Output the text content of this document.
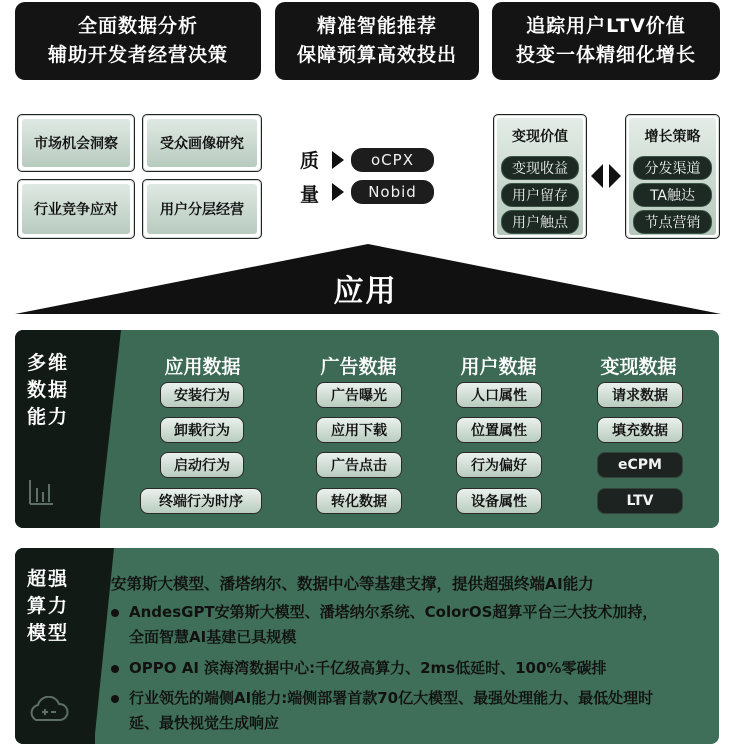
全面数据分析
辅助开发者经营决策
精准智能推荐
保障预算高效投出
追踪用户LTV价值
投变一体精细化增长
市场机会洞察	受众画像研究
行业竞争应对	用户分层经营
质
量
oCPX
Nobid
变现价值
变现收益
用户留存
用户触点
增长策略
分发渠道
TA触达
节点营销
应用
多维
数据
能力
应用数据
安装行为
卸载行为
启动行为
终端行为时序
广告数据
广告曝光
应用下载
广告点击
转化数据
用户数据
人口属性
位置属性
行为偏好
设备属性
变现数据
请求数据
填充数据
eCPM
LTV
超强
算力
模型
安第斯大模型、潘塔纳尔、数据中心等基建支撑，提供超强终端AI能力
AndesGPT安第斯大模型、潘塔纳尔系统、ColorOS超算平台三大技术加持，
全面智慧AI基建已具规模
OPPO AI 滨海湾数据中心:千亿级高算力、2ms低延时、100%零碳排
行业领先的端侧AI能力:端侧部署首款70亿大模型、最强处理能力、最低处理时
延、最快视觉生成响应
